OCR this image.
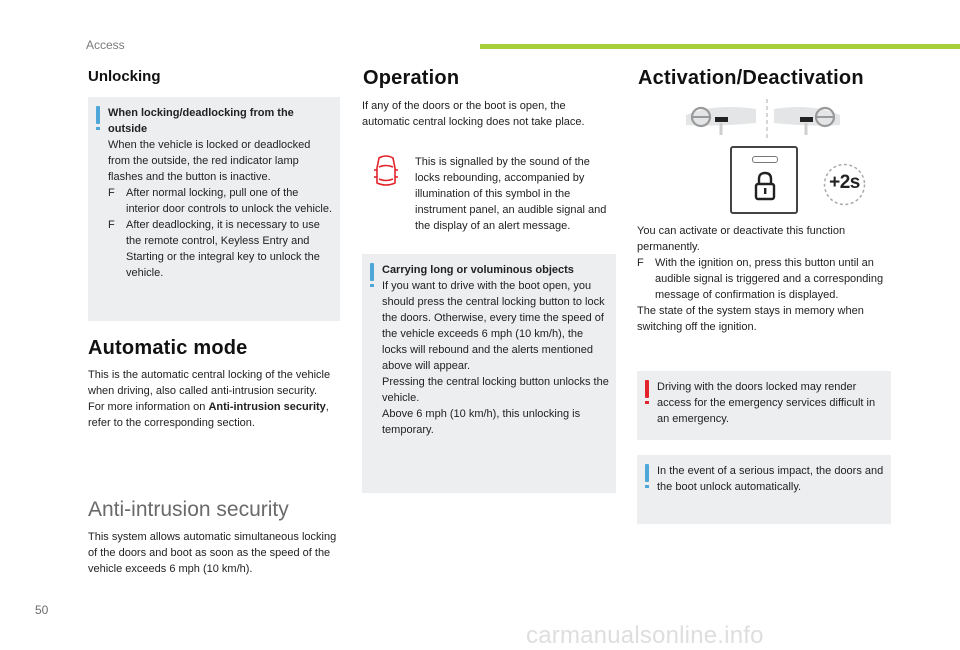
Access
Unlocking
When locking/deadlocking from the outside
When the vehicle is locked or deadlocked from the outside, the red indicator lamp flashes and the button is inactive.
F After normal locking, pull one of the interior door controls to unlock the vehicle.
F After deadlocking, it is necessary to use the remote control, Keyless Entry and Starting or the integral key to unlock the vehicle.
Automatic mode
This is the automatic central locking of the vehicle when driving, also called anti-intrusion security.
For more information on Anti-intrusion security, refer to the corresponding section.
Anti-intrusion security

This system allows automatic simultaneous locking of the doors and boot as soon as the speed of the vehicle exceeds 6 mph (10 km/h).

Operation

If any of the doors or the boot is open, the automatic central locking does not take place.

This is signalled by the sound of the locks rebounding, accompanied by illumination of this symbol in the instrument panel, an audible signal and the display of an alert message.

Carrying long or voluminous objects
If you want to drive with the boot open, you should press the central locking button to lock the doors. Otherwise, every time the speed of the vehicle exceeds 6 mph (10 km/h), the locks will rebound and the alerts mentioned above will appear.
Pressing the central locking button unlocks the vehicle.
Above 6 mph (10 km/h), this unlocking is temporary.
Activation/Deactivation
+2s
You can activate or deactivate this function permanently.
F With the ignition on, press this button until an audible signal is triggered and a corresponding message of confirmation is displayed.
The state of the system stays in memory when switching off the ignition.
Driving with the doors locked may render access for the emergency services difficult in an emergency.
In the event of a serious impact, the doors and the boot unlock automatically.
50
carmanualsonline.info
